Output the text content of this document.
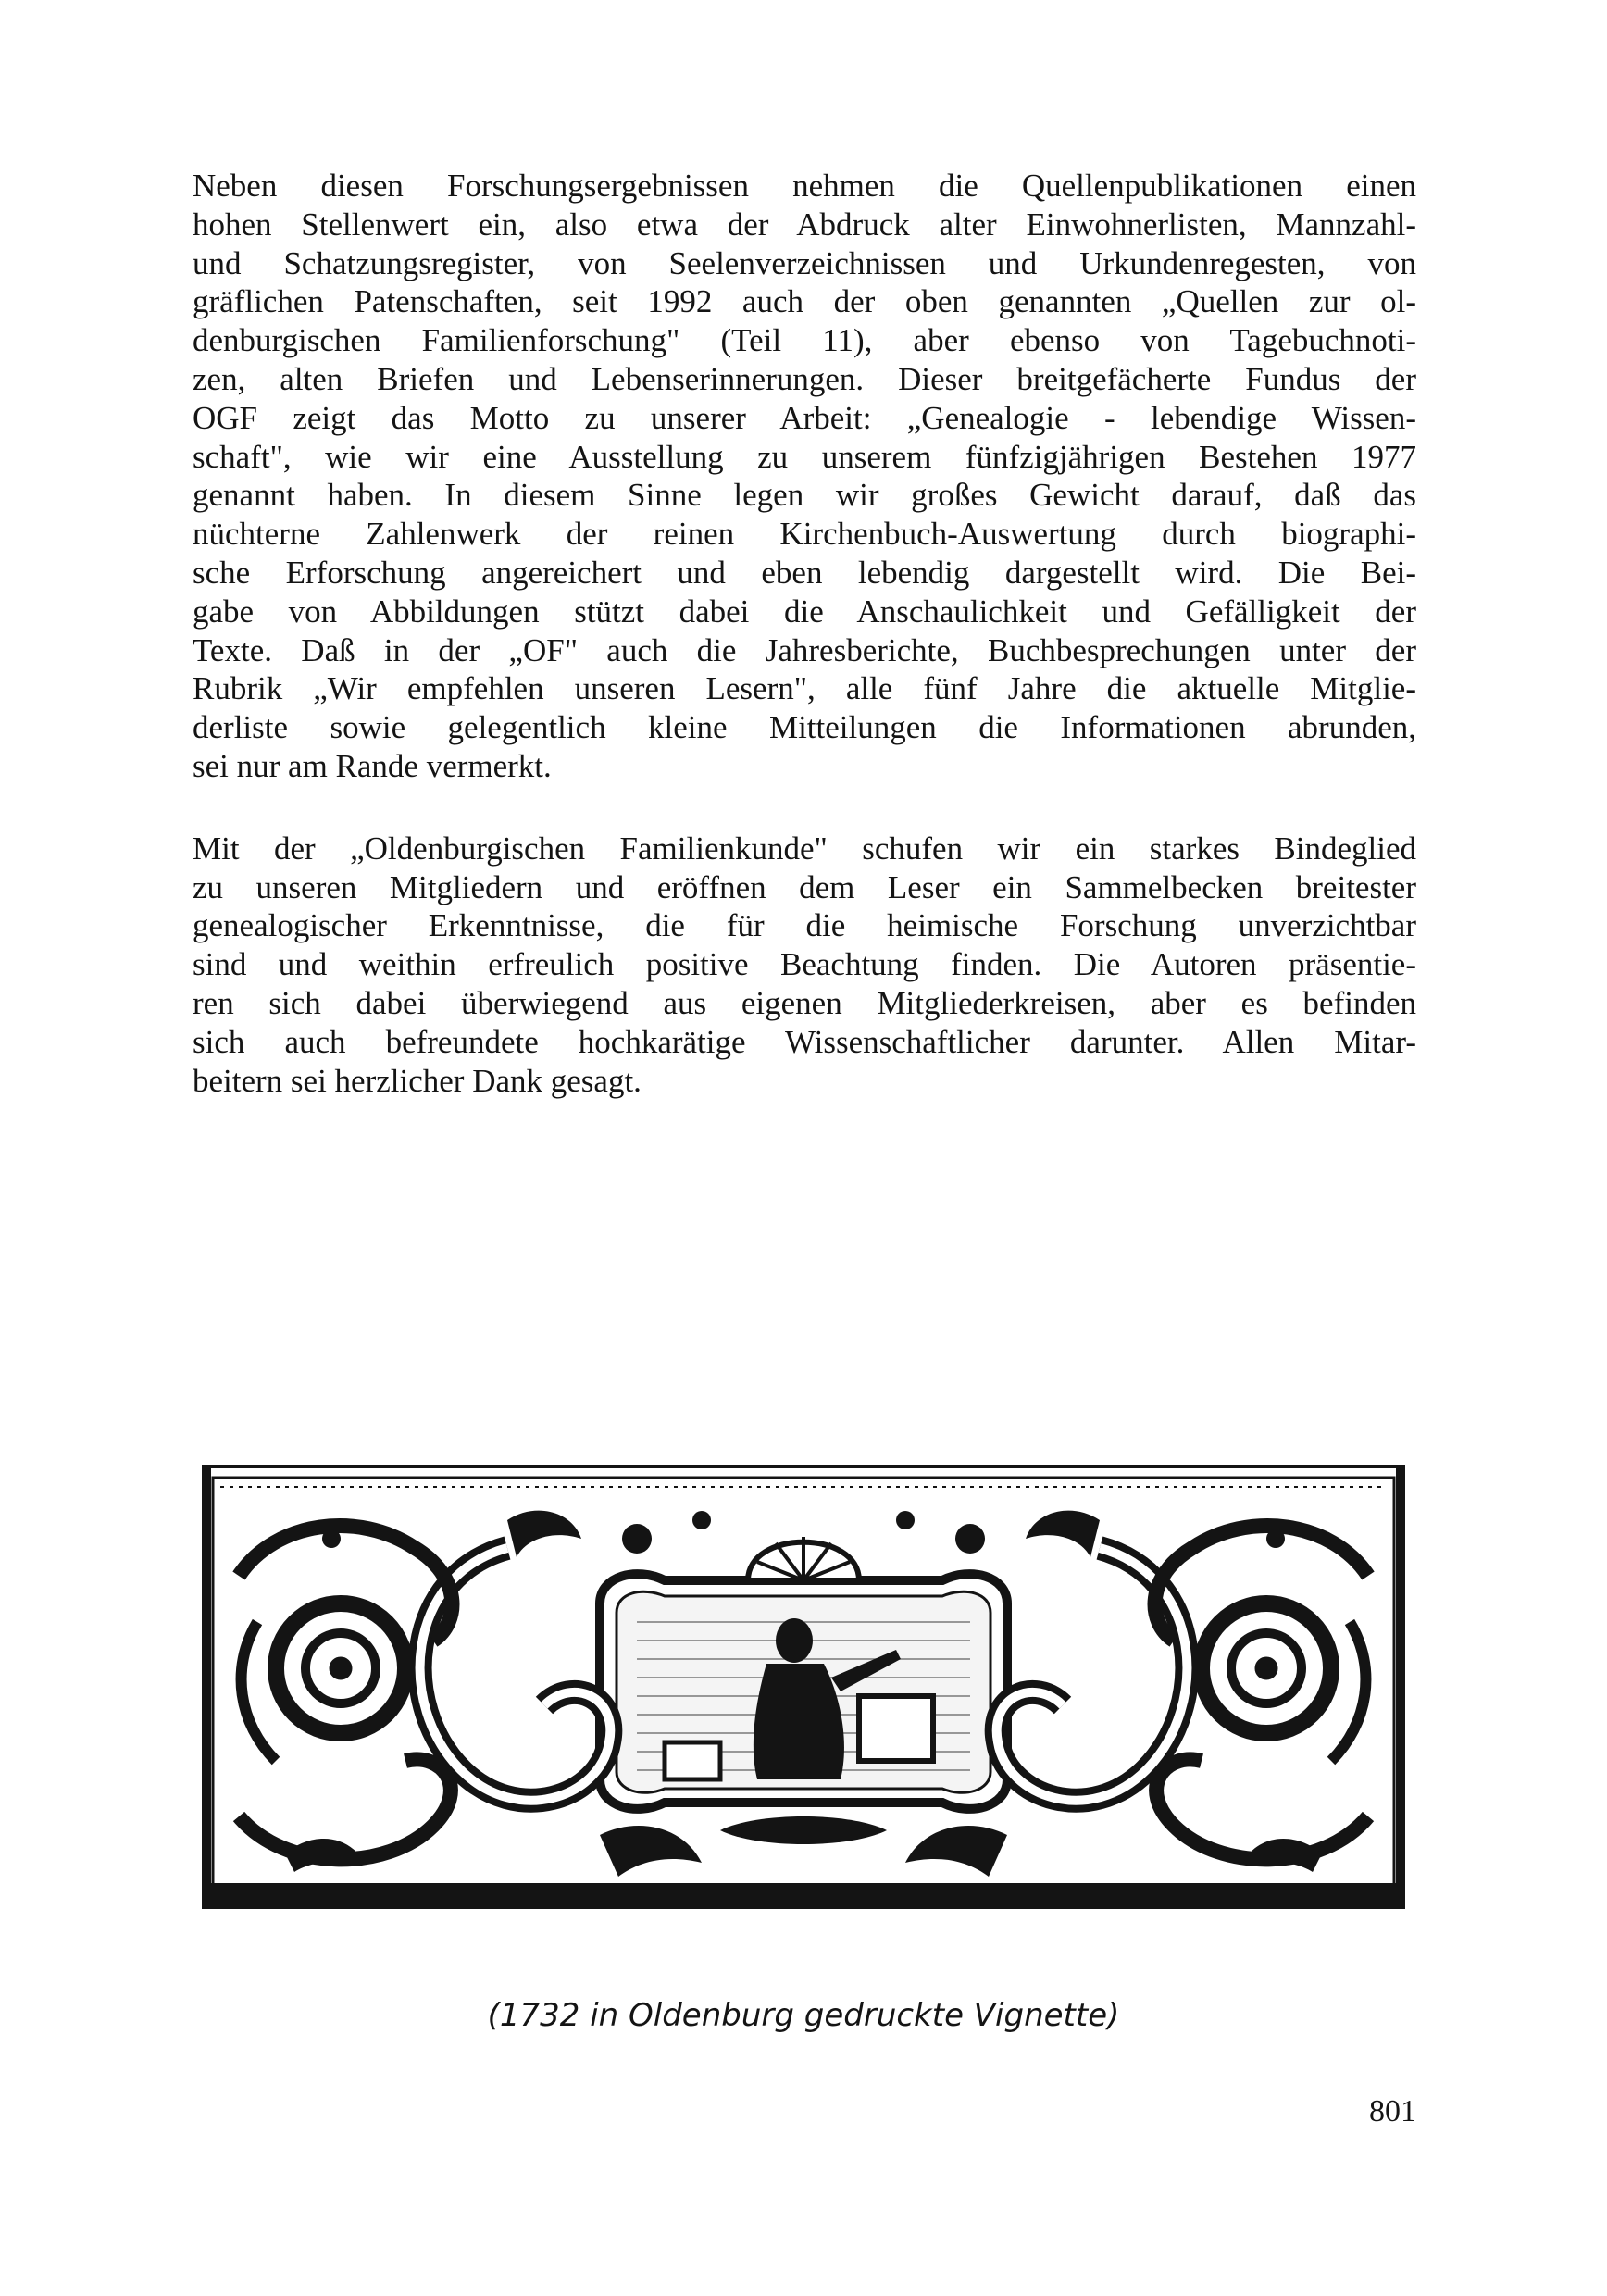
Neben diesen Forschungsergebnissen nehmen die Quellenpublikationen einen
hohen Stellenwert ein, also etwa der Abdruck alter Einwohnerlisten, Mannzahl-
und Schatzungsregister, von Seelenverzeichnissen und Urkundenregesten, von
gräflichen Patenschaften, seit 1992 auch der oben genannten „Quellen zur ol-
denburgischen Familienforschung" (Teil 11), aber ebenso von Tagebuchnoti-
zen, alten Briefen und Lebenserinnerungen. Dieser breitgefächerte Fundus der
OGF zeigt das Motto zu unserer Arbeit: „Genealogie - lebendige Wissen-
schaft", wie wir eine Ausstellung zu unserem fünfzigjährigen Bestehen 1977
genannt haben. In diesem Sinne legen wir großes Gewicht darauf, daß das
nüchterne Zahlenwerk der reinen Kirchenbuch-Auswertung durch biographi-
sche Erforschung angereichert und eben lebendig dargestellt wird. Die Bei-
gabe von Abbildungen stützt dabei die Anschaulichkeit und Gefälligkeit der
Texte. Daß in der „OF" auch die Jahresberichte, Buchbesprechungen unter der
Rubrik „Wir empfehlen unseren Lesern", alle fünf Jahre die aktuelle Mitglie-
derliste sowie gelegentlich kleine Mitteilungen die Informationen abrunden,
sei nur am Rande vermerkt.

Mit der „Oldenburgischen Familienkunde" schufen wir ein starkes Bindeglied
zu unseren Mitgliedern und eröffnen dem Leser ein Sammelbecken breitester
genealogischer Erkenntnisse, die für die heimische Forschung unverzichtbar
sind und weithin erfreulich positive Beachtung finden. Die Autoren präsentie-
ren sich dabei überwiegend aus eigenen Mitgliederkreisen, aber es befinden
sich auch befreundete hochkarätige Wissenschaftlicher darunter. Allen Mitar-
beitern sei herzlicher Dank gesagt.

(1732 in Oldenburg gedruckte Vignette)
801
